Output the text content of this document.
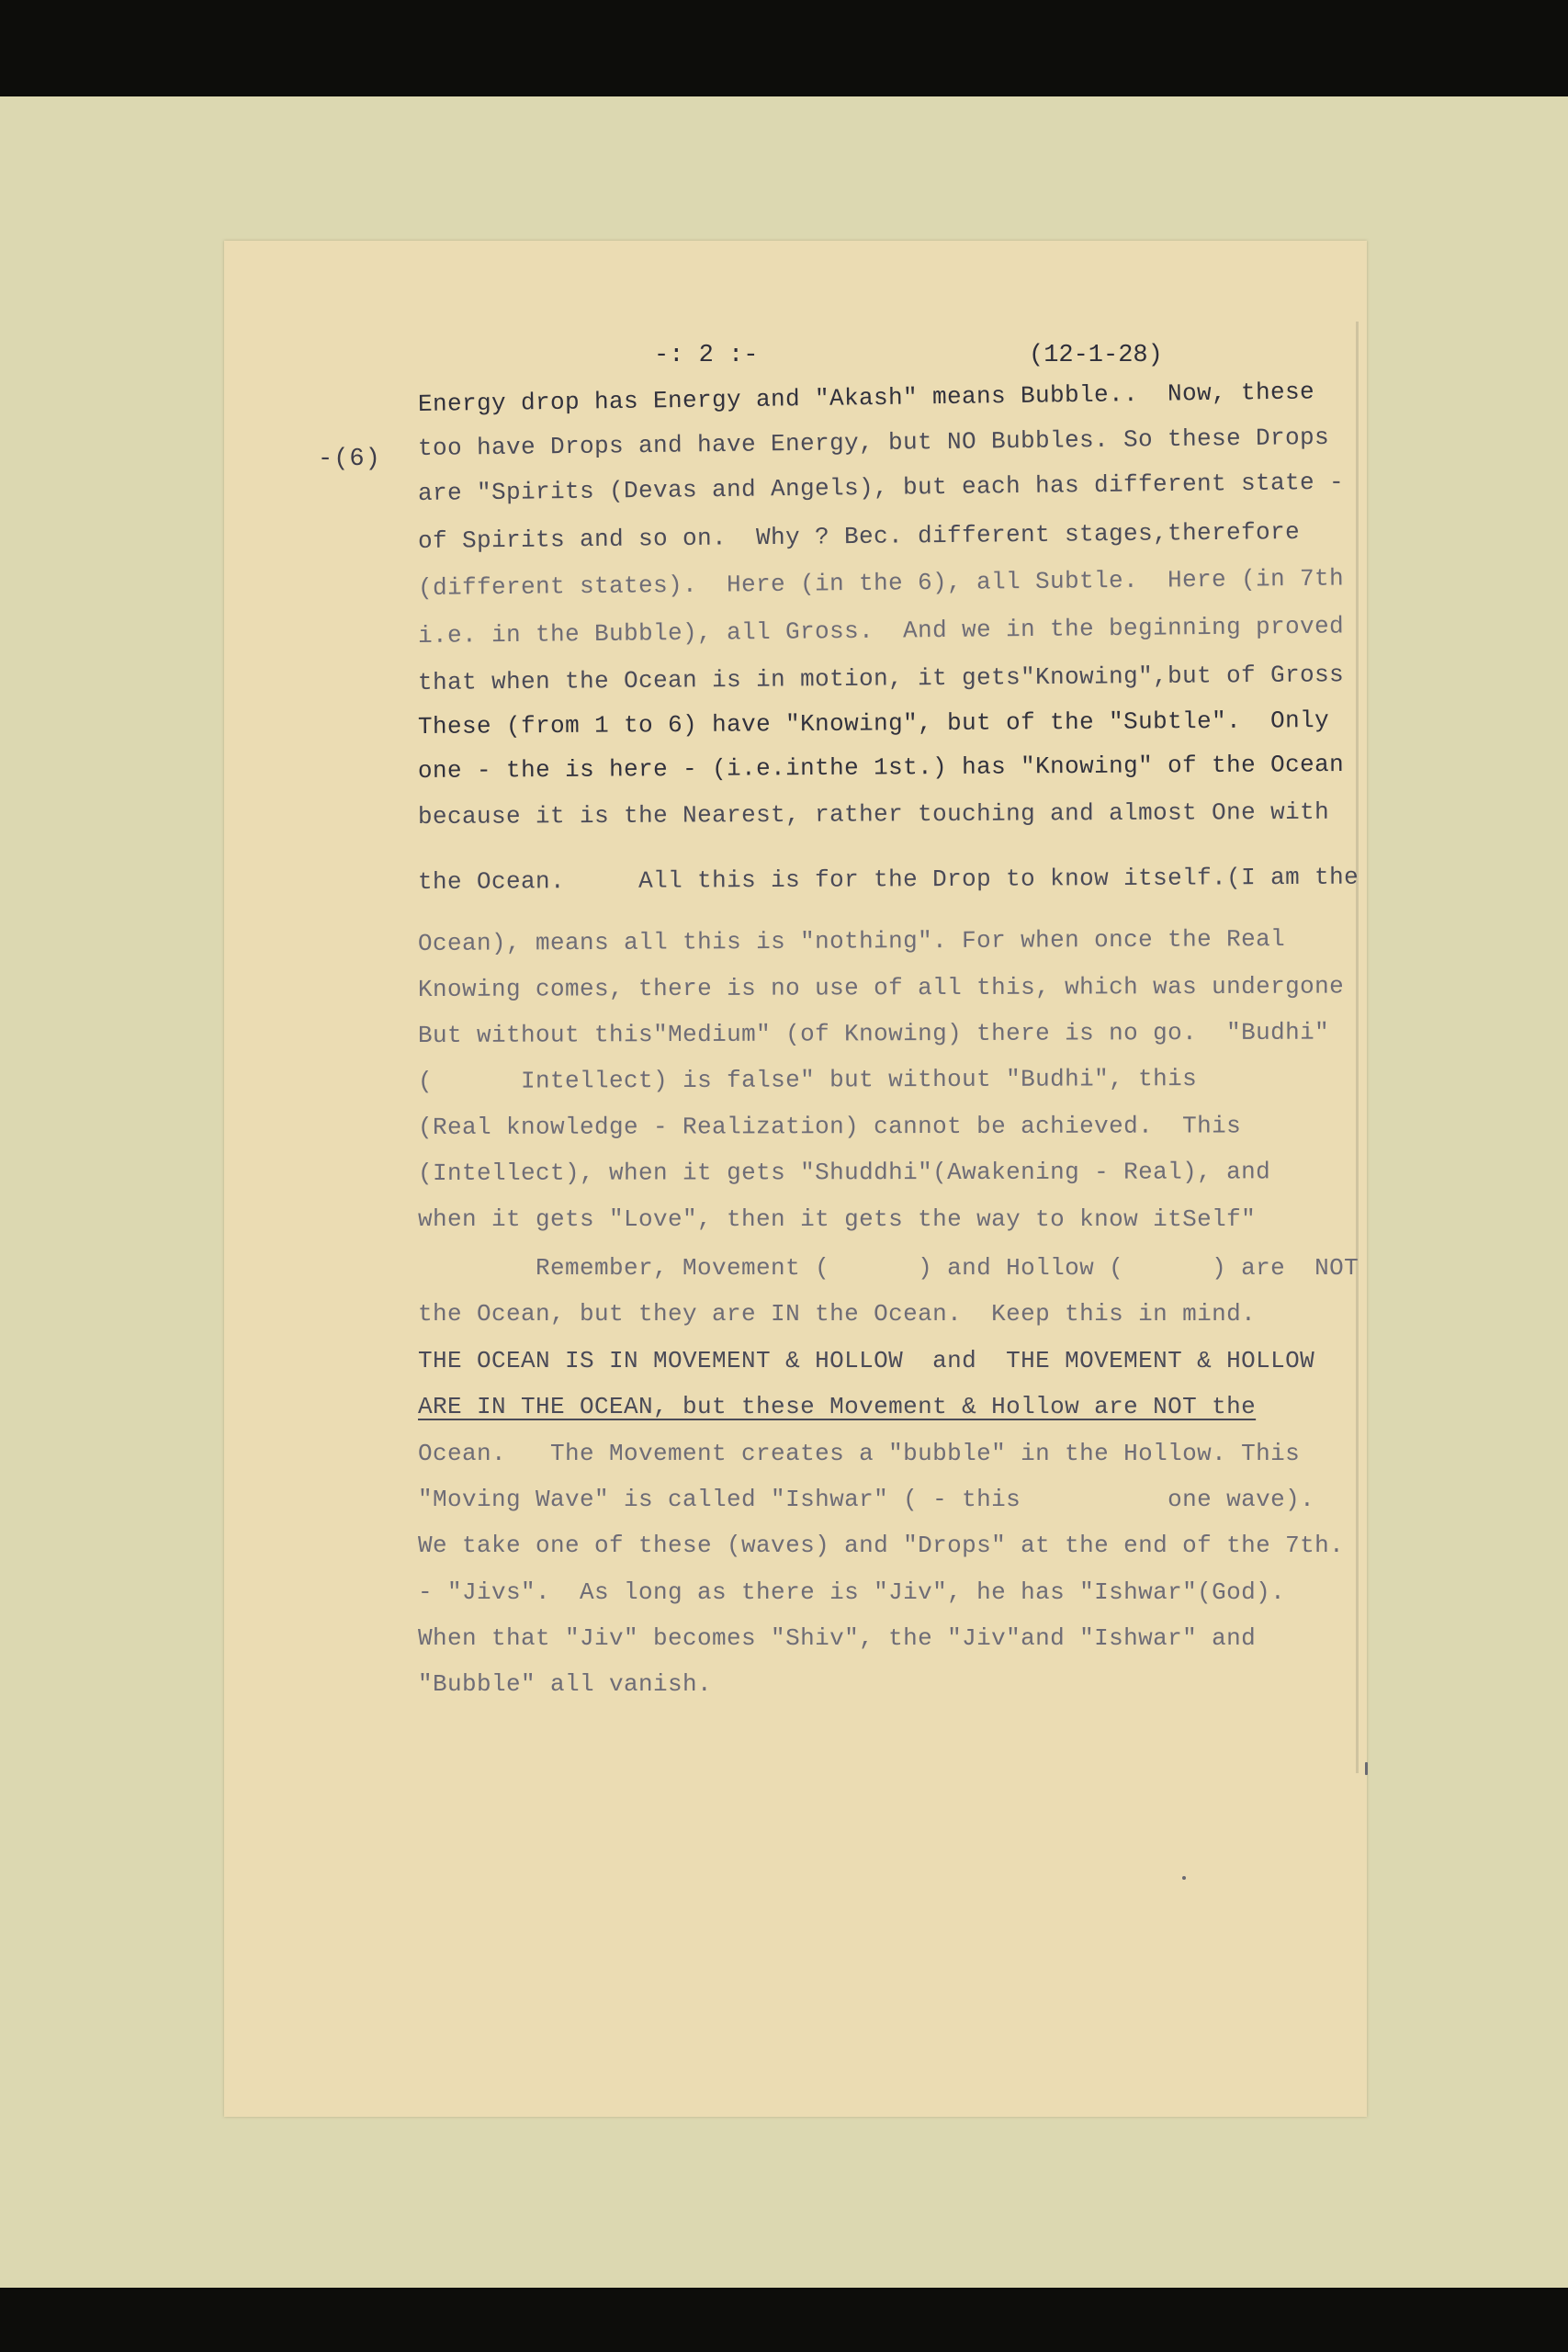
-(6)
-: 2 :-	(12-1-28)
Energy drop has Energy and "Akash" means Bubble..  Now, these
too have Drops and have Energy, but NO Bubbles. So these Drops
are "Spirits (Devas and Angels), but each has different state -
of Spirits and so on.  Why ? Bec. different stages,therefore
(different states).  Here (in the 6), all Subtle.  Here (in 7th
i.e. in the Bubble), all Gross.  And we in the beginning proved
that when the Ocean is in motion, it gets"Knowing",but of Gross
These (from 1 to 6) have "Knowing", but of the "Subtle".  Only
one - the is here - (i.e.inthe 1st.) has "Knowing" of the Ocean
because it is the Nearest, rather touching and almost One with
the Ocean.     All this is for the Drop to know itself.(I am the
Ocean), means all this is "nothing". For when once the Real
Knowing comes, there is no use of all this, which was undergone
But without this"Medium" (of Knowing) there is no go.  "Budhi"
(      Intellect) is false" but without "Budhi", this
(Real knowledge - Realization) cannot be achieved.  This
(Intellect), when it gets "Shuddhi"(Awakening - Real), and
when it gets "Love", then it gets the way to know itSelf"
Remember, Movement (      ) and Hollow (      ) are  NOT
the Ocean, but they are IN the Ocean.  Keep this in mind.
THE OCEAN IS IN MOVEMENT & HOLLOW  and  THE MOVEMENT & HOLLOW
ARE IN THE OCEAN, but these Movement & Hollow are NOT the
Ocean.   The Movement creates a "bubble" in the Hollow. This
"Moving Wave" is called "Ishwar" ( - this          one wave).
We take one of these (waves) and "Drops" at the end of the 7th.
- "Jivs".  As long as there is "Jiv", he has "Ishwar"(God).
When that "Jiv" becomes "Shiv", the "Jiv"and "Ishwar" and
"Bubble" all vanish.
